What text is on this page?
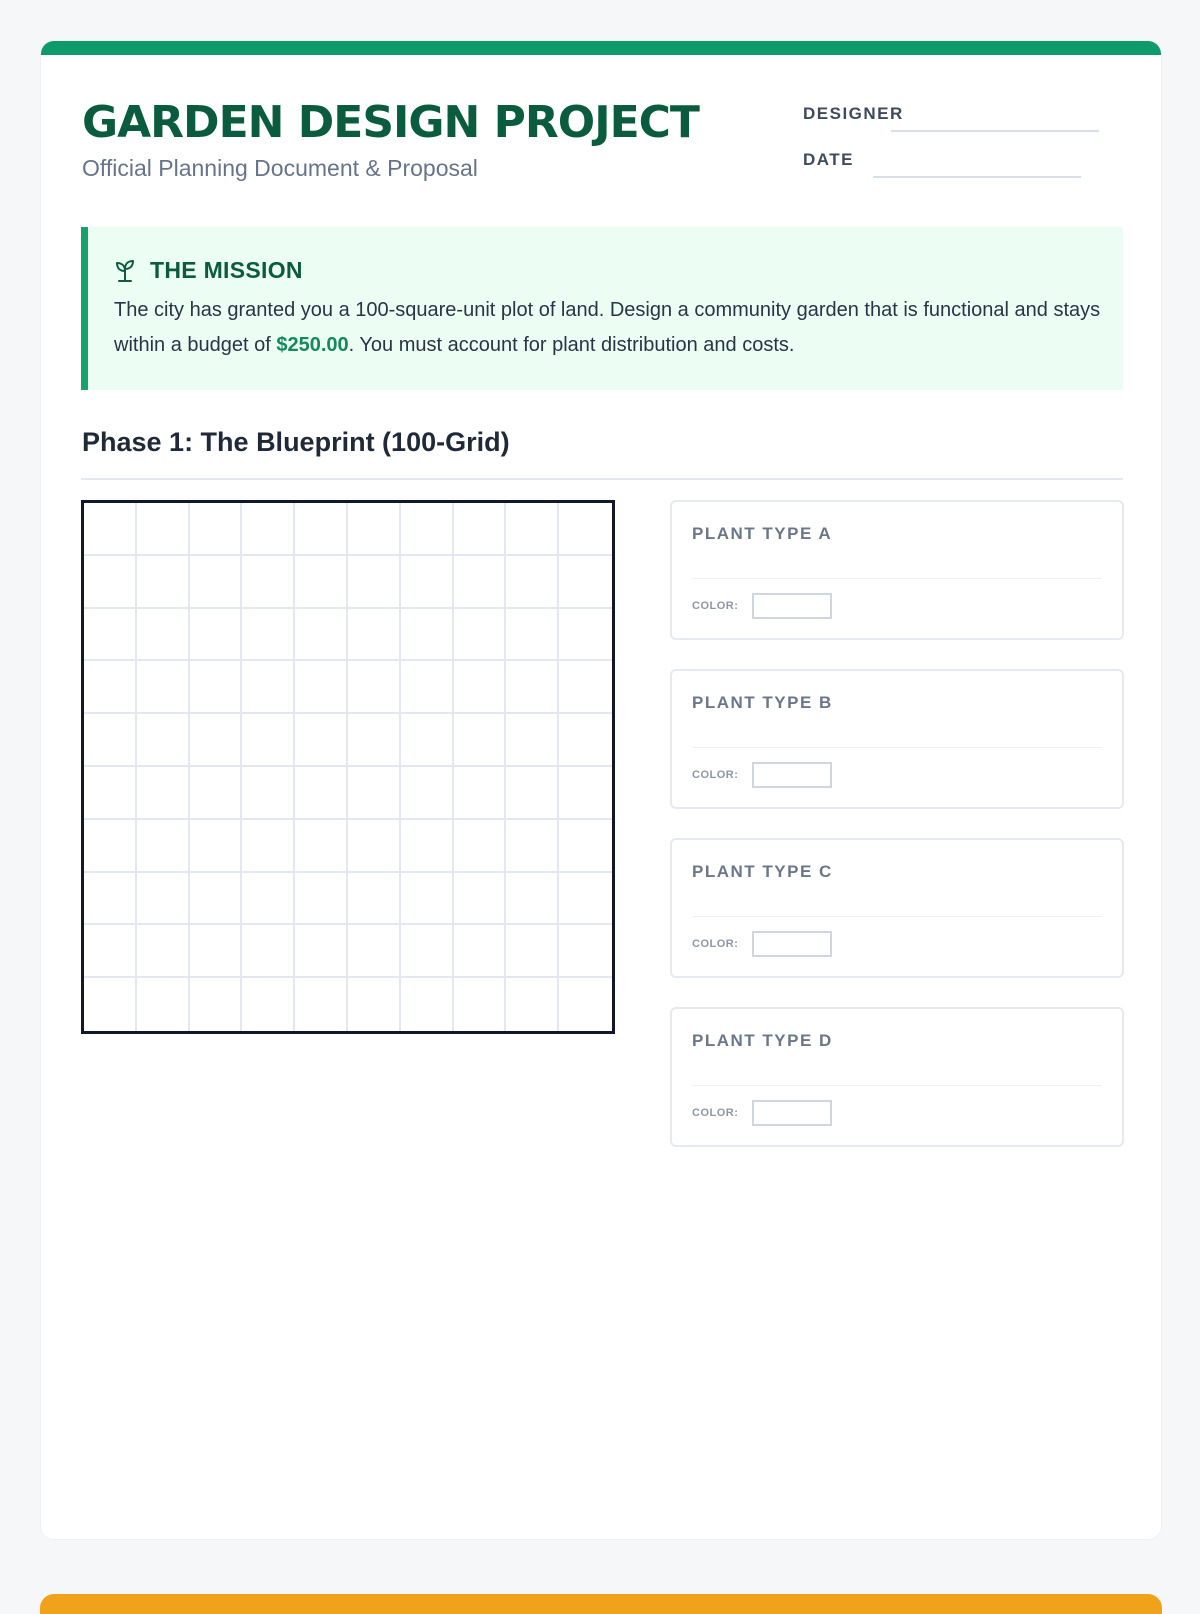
GARDEN DESIGN PROJECT
Official Planning Document & Proposal
DESIGNER
DATE
THE MISSION

The city has granted you a 100-square-unit plot of land. Design a community garden that is functional and stays within a budget of $250.00. You must account for plant distribution and costs.

Phase 1: The Blueprint (100-Grid)
PLANT TYPE A
COLOR:
PLANT TYPE B
COLOR:
PLANT TYPE C
COLOR:
PLANT TYPE D
COLOR:
